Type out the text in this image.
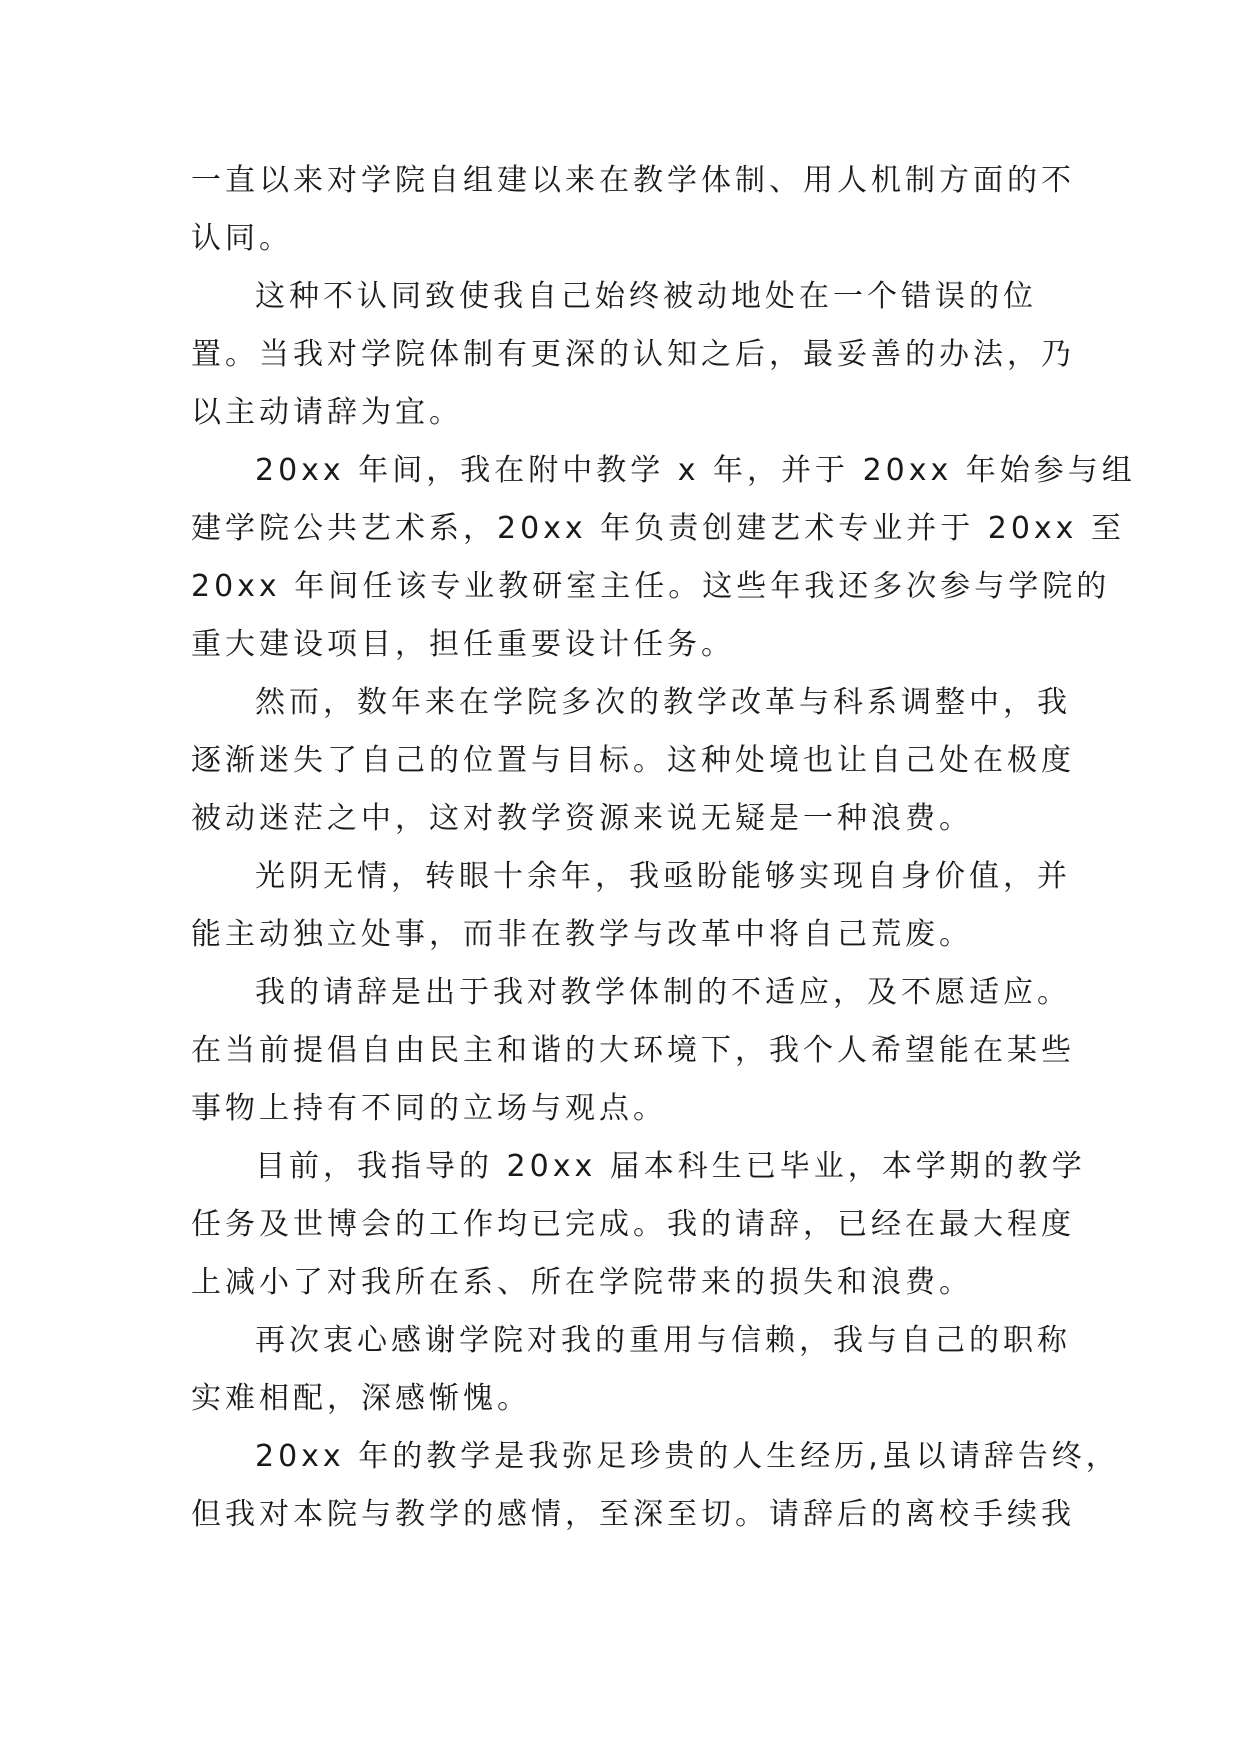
一直以来对学院自组建以来在教学体制、用人机制方面的不
认同。
这种不认同致使我自己始终被动地处在一个错误的位
置。当我对学院体制有更深的认知之后，最妥善的办法，乃
以主动请辞为宜。
20xx 年间，我在附中教学 x 年，并于 20xx 年始参与组
建学院公共艺术系，20xx 年负责创建艺术专业并于 20xx 至
20xx 年间任该专业教研室主任。这些年我还多次参与学院的
重大建设项目，担任重要设计任务。
然而，数年来在学院多次的教学改革与科系调整中，我
逐渐迷失了自己的位置与目标。这种处境也让自己处在极度
被动迷茫之中，这对教学资源来说无疑是一种浪费。
光阴无情，转眼十余年，我亟盼能够实现自身价值，并
能主动独立处事，而非在教学与改革中将自己荒废。
我的请辞是出于我对教学体制的不适应，及不愿适应。
在当前提倡自由民主和谐的大环境下，我个人希望能在某些
事物上持有不同的立场与观点。
目前，我指导的 20xx 届本科生已毕业，本学期的教学
任务及世博会的工作均已完成。我的请辞，已经在最大程度
上减小了对我所在系、所在学院带来的损失和浪费。
再次衷心感谢学院对我的重用与信赖，我与自己的职称
实难相配，深感惭愧。
20xx 年的教学是我弥足珍贵的人生经历,虽以请辞告终，
但我对本院与教学的感情，至深至切。请辞后的离校手续我
